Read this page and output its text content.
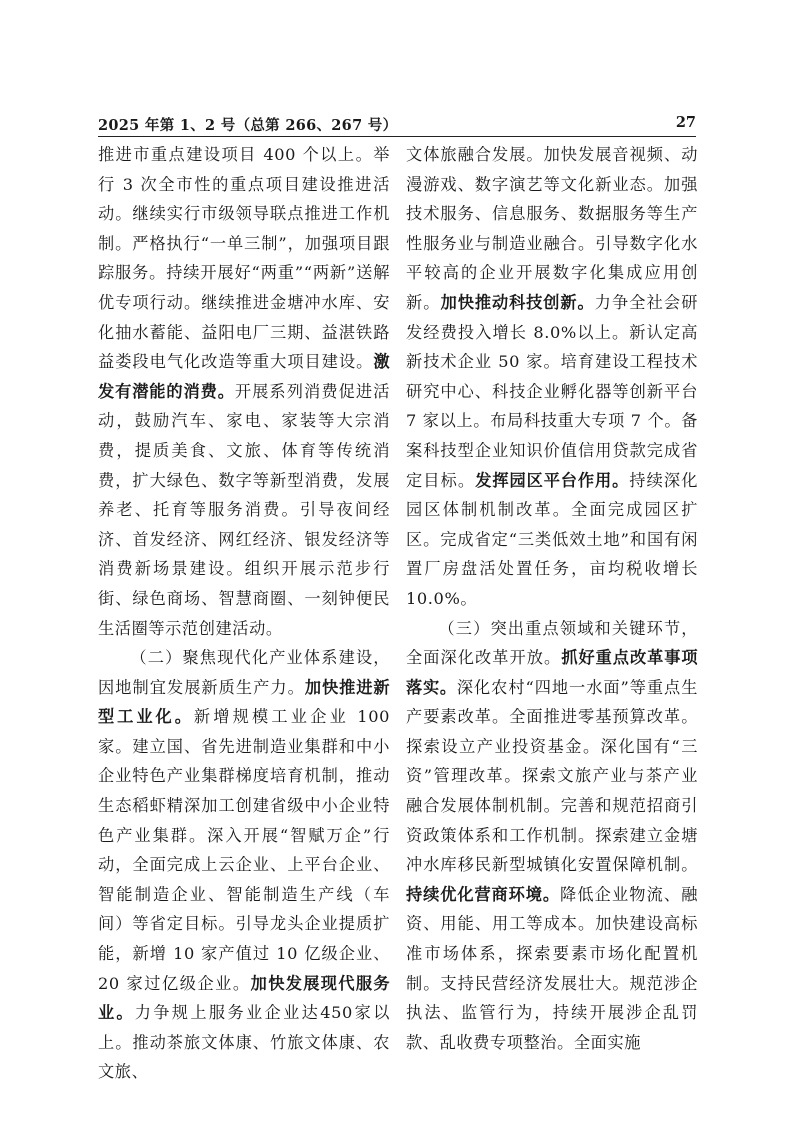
2025 年第 1、2 号（总第 266、267 号）	27

推进市重点建设项目 400 个以上。举行 3 次全市性的重点项目建设推进活动。继续实行市级领导联点推进工作机制。严格执行“一单三制”，加强项目跟踪服务。持续开展好“两重”“两新”送解优专项行动。继续推进金塘冲水库、安化抽水蓄能、益阳电厂三期、益湛铁路益娄段电气化改造等重大项目建设。激发有潜能的消费。开展系列消费促进活动，鼓励汽车、家电、家装等大宗消费，提质美食、文旅、体育等传统消费，扩大绿色、数字等新型消费，发展养老、托育等服务消费。引导夜间经济、首发经济、网红经济、银发经济等消费新场景建设。组织开展示范步行街、绿色商场、智慧商圈、一刻钟便民生活圈等示范创建活动。

（二）聚焦现代化产业体系建设，因地制宜发展新质生产力。加快推进新型工业化。新增规模工业企业 100 家。建立国、省先进制造业集群和中小企业特色产业集群梯度培育机制，推动生态稻虾精深加工创建省级中小企业特色产业集群。深入开展“智赋万企”行动，全面完成上云企业、上平台企业、智能制造企业、智能制造生产线（车间）等省定目标。引导龙头企业提质扩能，新增 10 家产值过 10 亿级企业、20 家过亿级企业。加快发展现代服务业。力争规上服务业企业达450家以上。推动茶旅文体康、竹旅文体康、农文旅、

文体旅融合发展。加快发展音视频、动漫游戏、数字演艺等文化新业态。加强技术服务、信息服务、数据服务等生产性服务业与制造业融合。引导数字化水平较高的企业开展数字化集成应用创新。加快推动科技创新。力争全社会研发经费投入增长 8.0%以上。新认定高新技术企业 50 家。培育建设工程技术研究中心、科技企业孵化器等创新平台 7 家以上。布局科技重大专项 7 个。备案科技型企业知识价值信用贷款完成省定目标。发挥园区平台作用。持续深化园区体制机制改革。全面完成园区扩区。完成省定“三类低效土地”和国有闲置厂房盘活处置任务，亩均税收增长 10.0%。

（三）突出重点领域和关键环节，全面深化改革开放。抓好重点改革事项落实。深化农村“四地一水面”等重点生产要素改革。全面推进零基预算改革。探索设立产业投资基金。深化国有“三资”管理改革。探索文旅产业与茶产业融合发展体制机制。完善和规范招商引资政策体系和工作机制。探索建立金塘冲水库移民新型城镇化安置保障机制。持续优化营商环境。降低企业物流、融资、用能、用工等成本。加快建设高标准市场体系，探索要素市场化配置机制。支持民营经济发展壮大。规范涉企执法、监管行为，持续开展涉企乱罚款、乱收费专项整治。全面实施
